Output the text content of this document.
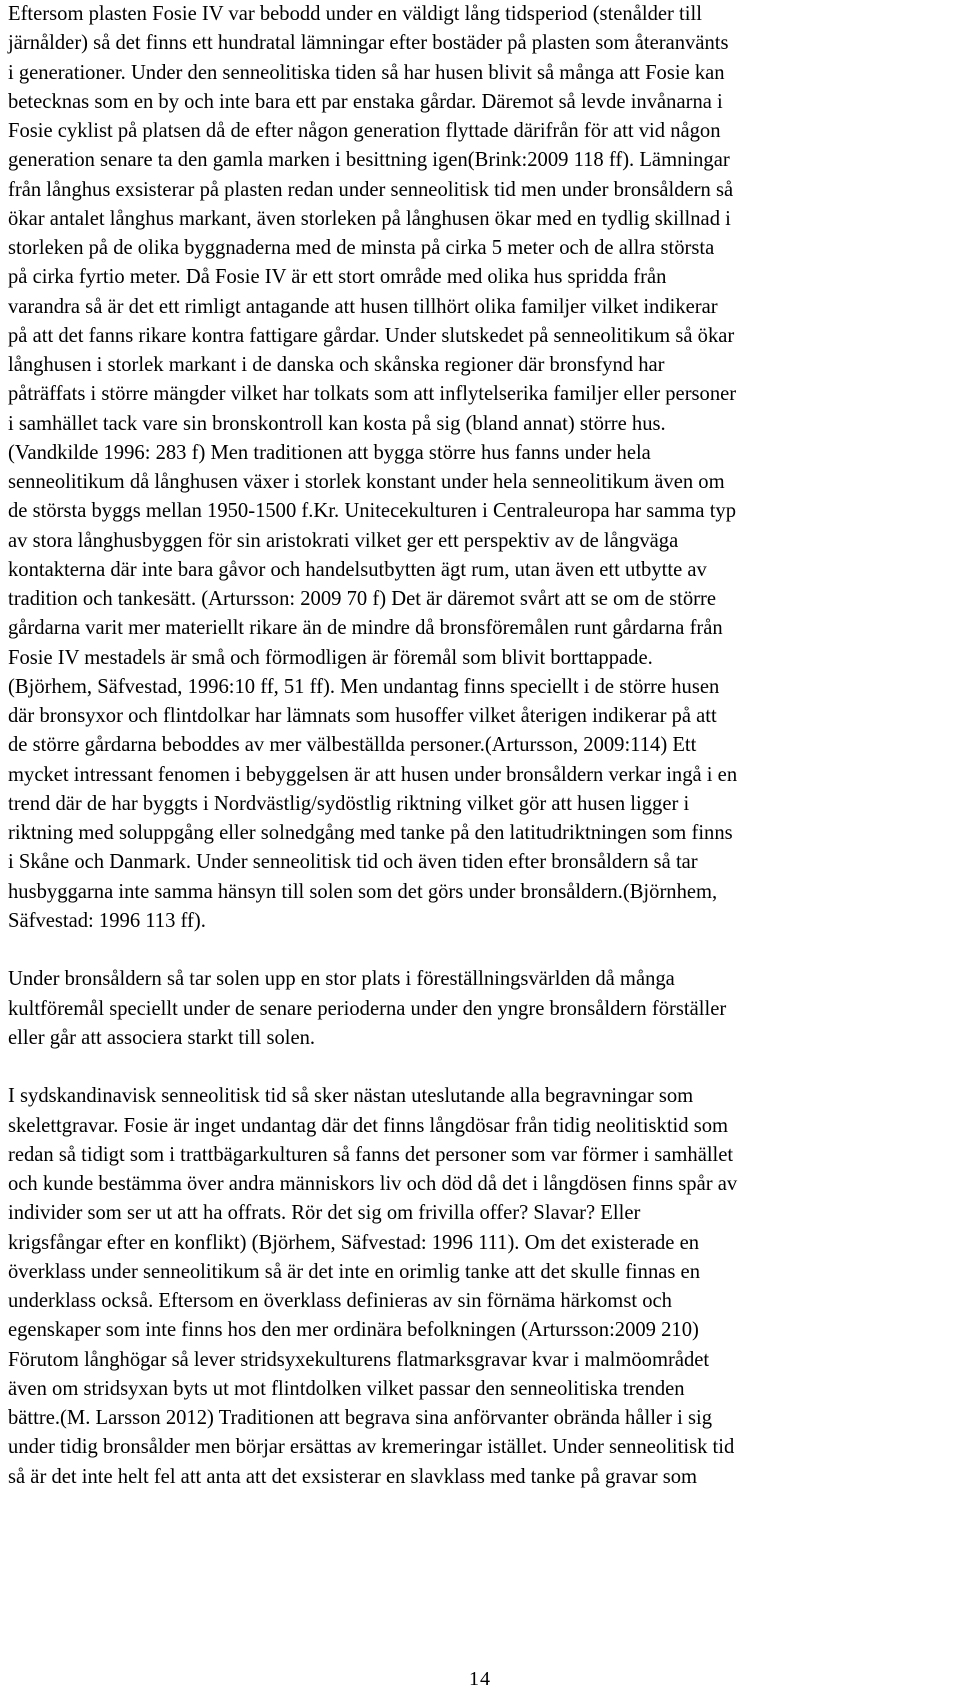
Eftersom plasten Fosie IV var bebodd under en väldigt lång tidsperiod (stenålder till
järnålder) så det finns ett hundratal lämningar efter bostäder på plasten som återanvänts
i generationer. Under den senneolitiska tiden så har husen blivit så många att Fosie kan
betecknas som en by och inte bara ett par enstaka gårdar. Däremot så levde invånarna i
Fosie cyklist på platsen då de efter någon generation flyttade därifrån för att vid någon
generation senare ta den gamla marken i besittning igen(Brink:2009 118 ff). Lämningar
från långhus exsisterar på plasten redan under senneolitisk tid men under bronsåldern så
ökar antalet långhus markant, även storleken på långhusen ökar med en tydlig skillnad i
storleken på de olika byggnaderna med de minsta på cirka 5 meter och de allra största
på cirka fyrtio meter. Då Fosie IV är ett stort område med olika hus spridda från
varandra så är det ett rimligt antagande att husen tillhört olika familjer vilket indikerar
på att det fanns rikare kontra fattigare gårdar. Under slutskedet på senneolitikum så ökar
långhusen i storlek markant i de danska och skånska regioner där bronsfynd har
påträffats i större mängder vilket har tolkats som att inflytelserika familjer eller personer
i samhället tack vare sin bronskontroll kan kosta på sig (bland annat) större hus.
(Vandkilde 1996: 283 f) Men traditionen att bygga större hus fanns under hela
senneolitikum då långhusen växer i storlek konstant under hela senneolitikum även om
de största byggs mellan 1950-1500 f.Kr. Unitecekulturen i Centraleuropa har samma typ
av stora långhusbyggen för sin aristokrati vilket ger ett perspektiv av de långväga
kontakterna där inte bara gåvor och handelsutbytten ägt rum, utan även ett utbytte av
tradition och tankesätt. (Artursson: 2009 70 f) Det är däremot svårt att se om de större
gårdarna varit mer materiellt rikare än de mindre då bronsföremålen runt gårdarna från
Fosie IV mestadels är små och förmodligen är föremål som blivit borttappade.
(Björhem, Säfvestad, 1996:10 ff, 51 ff). Men undantag finns speciellt i de större husen
där bronsyxor och flintdolkar har lämnats som husoffer vilket återigen indikerar på att
de större gårdarna beboddes av mer välbeställda personer.(Artursson, 2009:114) Ett
mycket intressant fenomen i bebyggelsen är att husen under bronsåldern verkar ingå i en
trend där de har byggts i Nordvästlig/sydöstlig riktning vilket gör att husen ligger i
riktning med soluppgång eller solnedgång med tanke på den latitudriktningen som finns
i Skåne och Danmark. Under senneolitisk tid och även tiden efter bronsåldern så tar
husbyggarna inte samma hänsyn till solen som det görs under bronsåldern.(Björnhem,
Säfvestad: 1996 113 ff).
Under bronsåldern så tar solen upp en stor plats i föreställningsvärlden då många
kultföremål speciellt under de senare perioderna under den yngre bronsåldern förställer
eller går att associera starkt till solen.
I sydskandinavisk senneolitisk tid så sker nästan uteslutande alla begravningar som
skelettgravar. Fosie är inget undantag där det finns långdösar från tidig neolitisktid som
redan så tidigt som i trattbägarkulturen så fanns det personer som var förmer i samhället
och kunde bestämma över andra människors liv och död då det i långdösen finns spår av
individer som ser ut att ha offrats. Rör det sig om frivilla offer? Slavar? Eller
krigsfångar efter en konflikt) (Björhem, Säfvestad: 1996 111). Om det existerade en
överklass under senneolitikum så är det inte en orimlig tanke att det skulle finnas en
underklass också. Eftersom en överklass definieras av sin förnäma härkomst och
egenskaper som inte finns hos den mer ordinära befolkningen (Artursson:2009 210)
Förutom långhögar så lever stridsyxekulturens flatmarksgravar kvar i malmöområdet
även om stridsyxan byts ut mot flintdolken vilket passar den senneolitiska trenden
bättre.(M. Larsson 2012) Traditionen att begrava sina anförvanter obrända håller i sig
under tidig bronsålder men börjar ersättas av kremeringar istället. Under senneolitisk tid
så är det inte helt fel att anta att det exsisterar en slavklass med tanke på gravar som
14
